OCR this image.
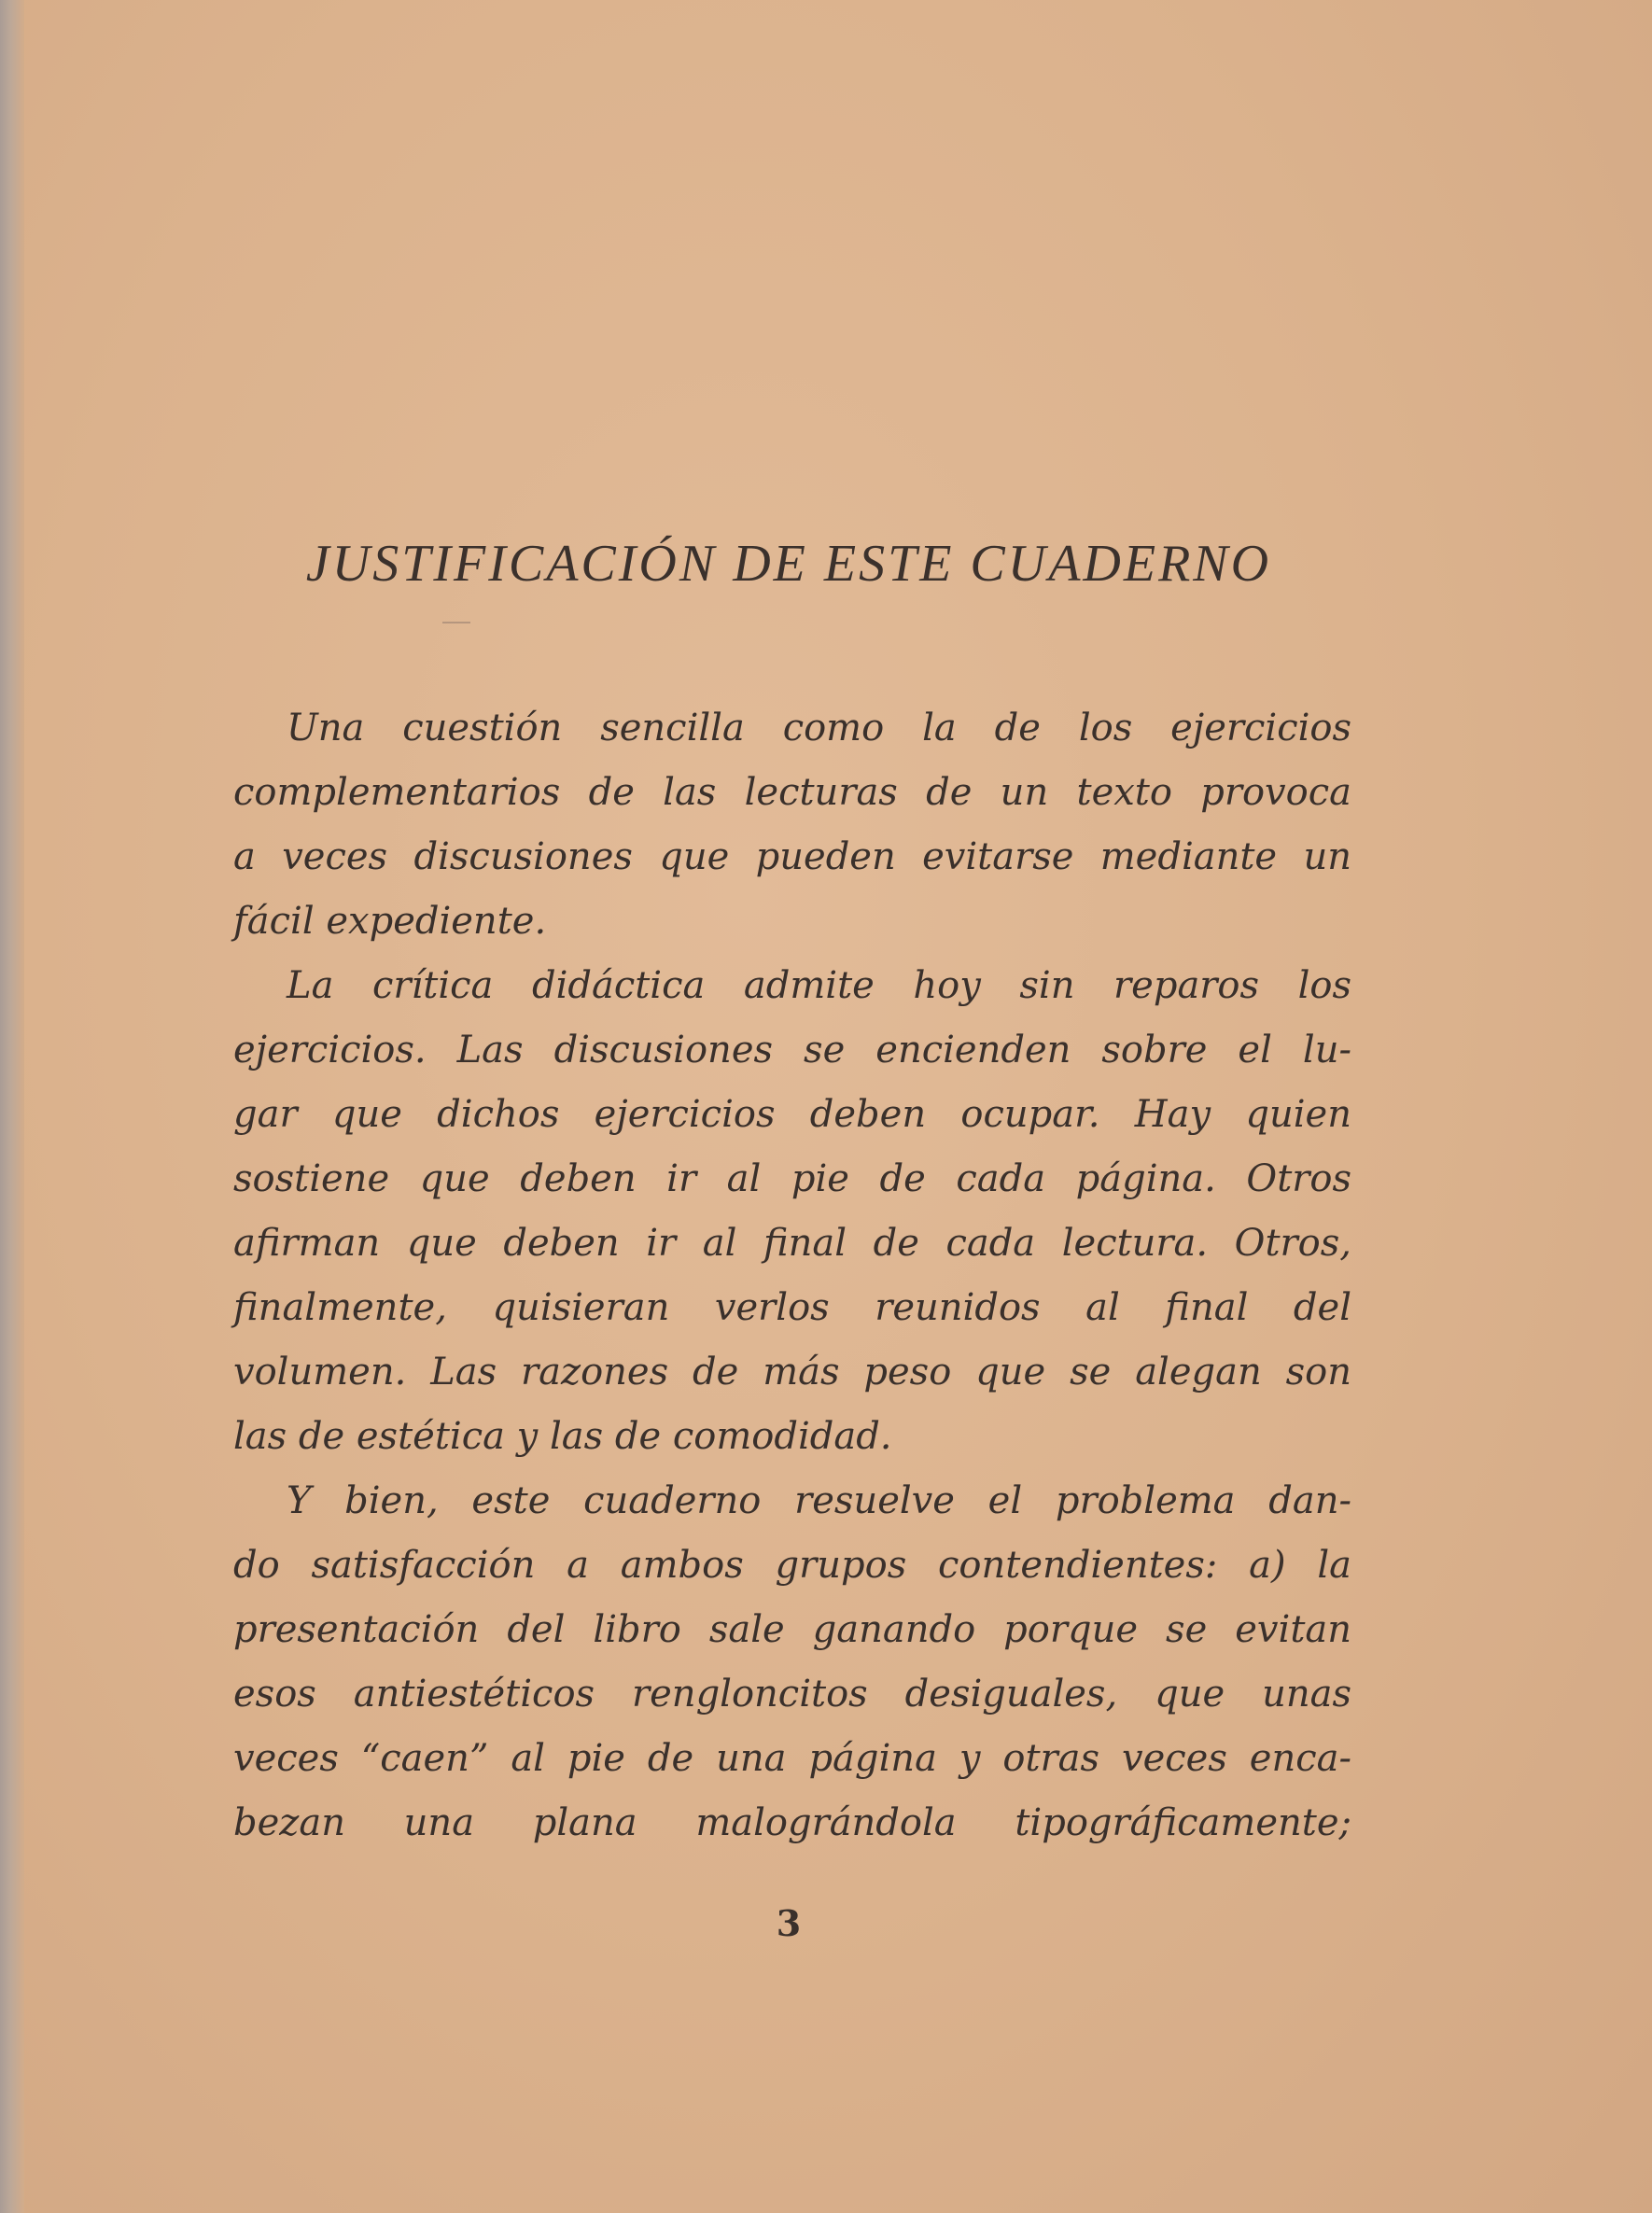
JUSTIFICACIÓN DE ESTE CUADERNO

Una cuestión sencilla como la de los ejercicios
complementarios de las lecturas de un texto provoca
a veces discusiones que pueden evitarse mediante un
fácil expediente.

La crítica didáctica admite hoy sin reparos los
ejercicios. Las discusiones se encienden sobre el lu-
gar que dichos ejercicios deben ocupar. Hay quien
sostiene que deben ir al pie de cada página. Otros
afirman que deben ir al final de cada lectura. Otros,
finalmente, quisieran verlos reunidos al final del
volumen. Las razones de más peso que se alegan son
las de estética y las de comodidad.

Y bien, este cuaderno resuelve el problema dan-
do satisfacción a ambos grupos contendientes: a) la
presentación del libro sale ganando porque se evitan
esos antiestéticos rengloncitos desiguales, que unas
veces “caen” al pie de una página y otras veces enca-
bezan una plana malográndola tipográficamente;

3
